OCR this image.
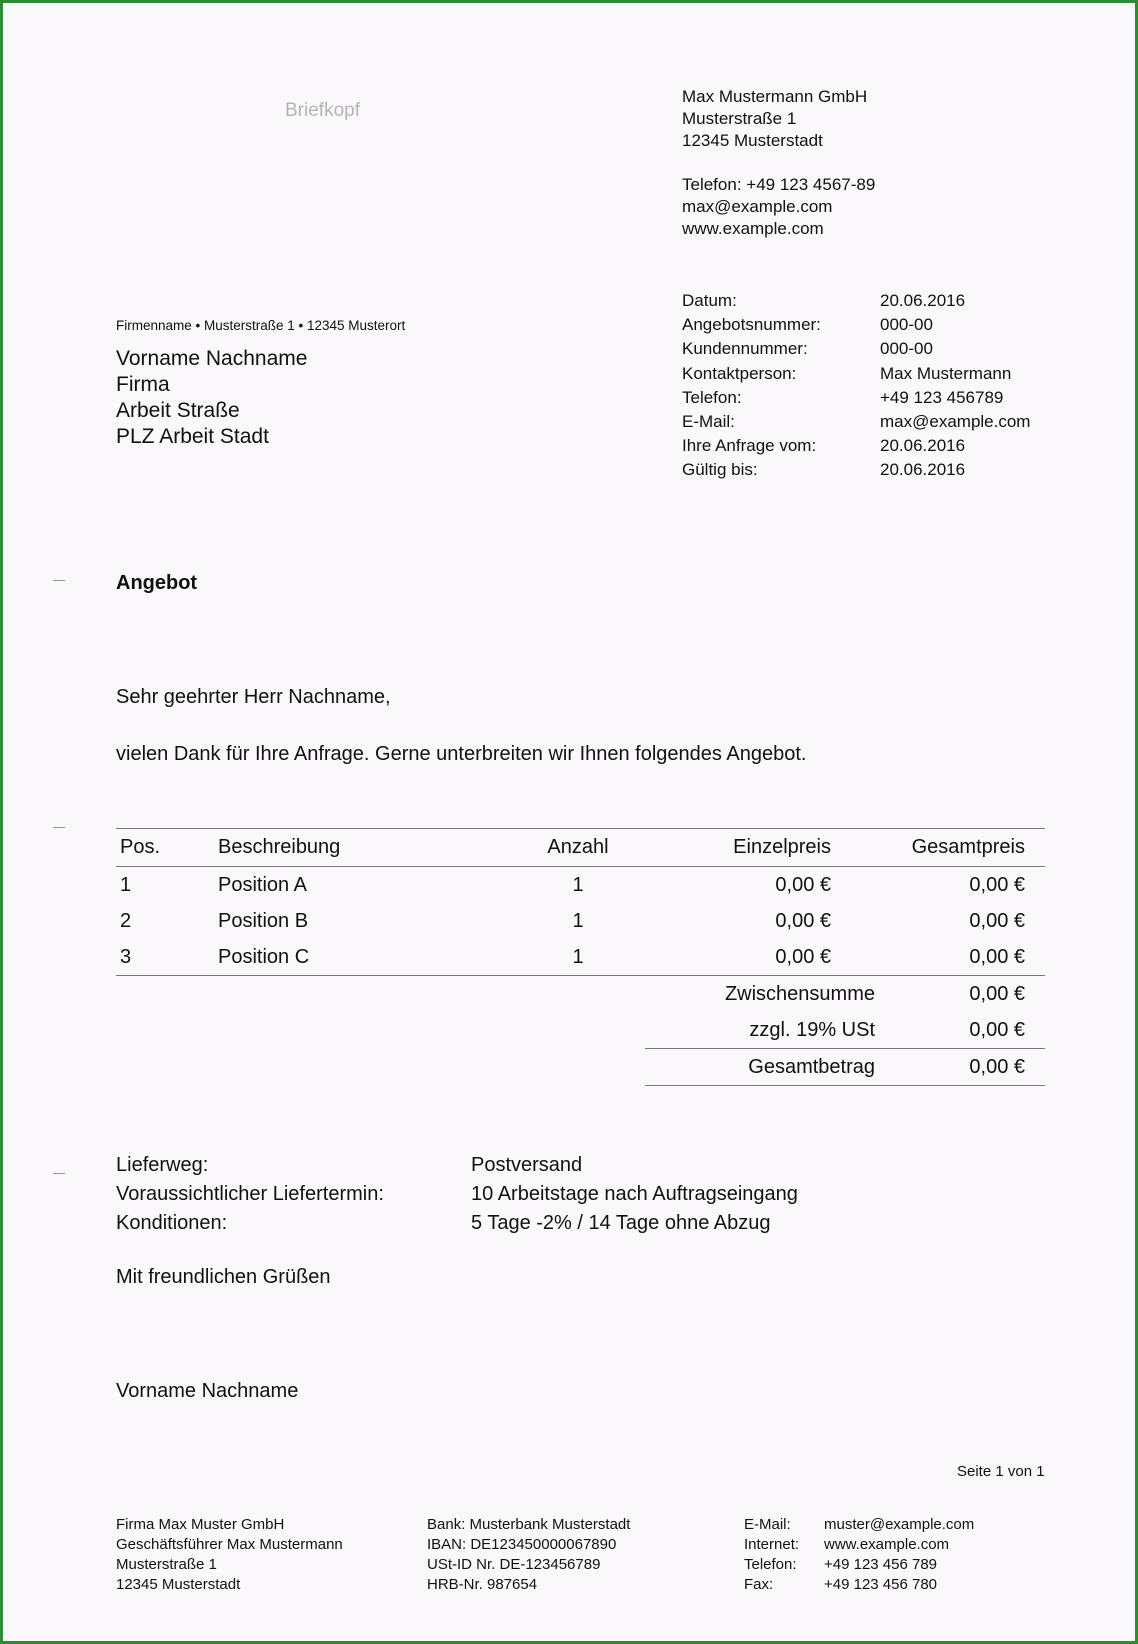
Briefkopf
Max Mustermann GmbH
Musterstraße 1
12345 Musterstadt
Telefon: +49 123 4567-89
max@example.com
www.example.com
Firmenname • Musterstraße 1 • 12345 Musterort
Vorname Nachname
Firma
Arbeit Straße
PLZ Arbeit Stadt
Datum:	20.06.2016
Angebotsnummer:	000-00
Kundennummer:	000-00
Kontaktperson:	Max Mustermann
Telefon:	+49 123 456789
E-Mail:	max@example.com
Ihre Anfrage vom:	20.06.2016
Gültig bis:	20.06.2016
Angebot
Sehr geehrter Herr Nachname,
vielen Dank für Ihre Anfrage. Gerne unterbreiten wir Ihnen folgendes Angebot.
Pos.	Beschreibung	Anzahl	Einzelpreis	Gesamtpreis
1	Position A	1	0,00 €	0,00 €
2	Position B	1	0,00 €	0,00 €
3	Position C	1	0,00 €	0,00 €
Zwischensumme	0,00 €
zzgl. 19% USt	0,00 €
Gesamtbetrag	0,00 €
Lieferweg:	Postversand
Voraussichtlicher Liefertermin:	10 Arbeitstage nach Auftragseingang
Konditionen:	5 Tage -2% / 14 Tage ohne Abzug
Mit freundlichen Grüßen
Vorname Nachname
Seite 1 von 1
Firma Max Muster GmbH
Geschäftsführer Max Mustermann
Musterstraße 1
12345 Musterstadt
Bank: Musterbank Musterstadt
IBAN: DE123450000067890
USt-ID Nr. DE-123456789
HRB-Nr. 987654
E-Mail:	muster@example.com
Internet:	www.example.com
Telefon:	+49 123 456 789
Fax:	+49 123 456 780
